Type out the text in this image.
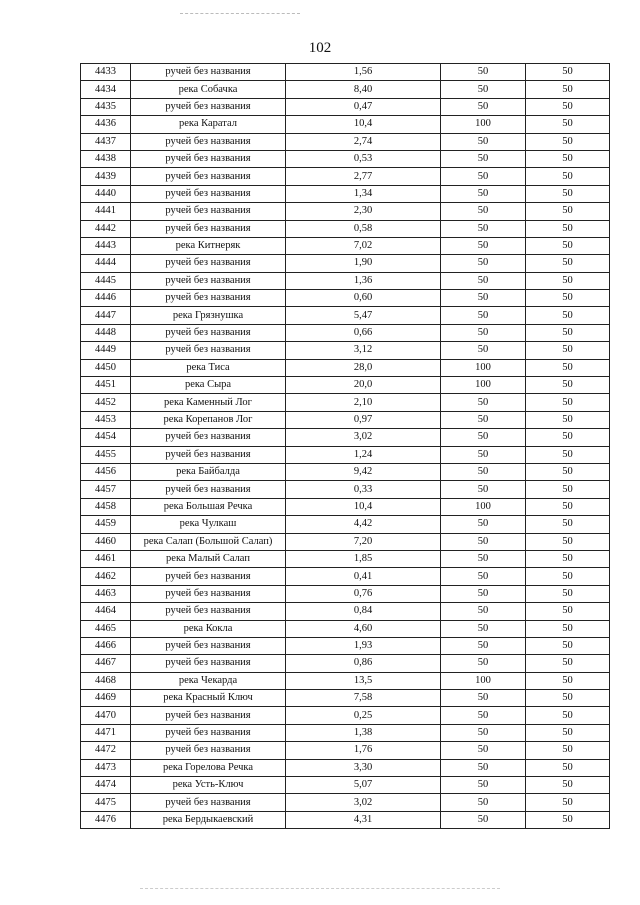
102
4433	ручей без названия	1,56	50	50
4434	река Собачка	8,40	50	50
4435	ручей без названия	0,47	50	50
4436	река Каратал	10,4	100	50
4437	ручей без названия	2,74	50	50
4438	ручей без названия	0,53	50	50
4439	ручей без названия	2,77	50	50
4440	ручей без названия	1,34	50	50
4441	ручей без названия	2,30	50	50
4442	ручей без названия	0,58	50	50
4443	река Китнеряк	7,02	50	50
4444	ручей без названия	1,90	50	50
4445	ручей без названия	1,36	50	50
4446	ручей без названия	0,60	50	50
4447	река Грязнушка	5,47	50	50
4448	ручей без названия	0,66	50	50
4449	ручей без названия	3,12	50	50
4450	река Тиса	28,0	100	50
4451	река Сыра	20,0	100	50
4452	река Каменный Лог	2,10	50	50
4453	река Корепанов Лог	0,97	50	50
4454	ручей без названия	3,02	50	50
4455	ручей без названия	1,24	50	50
4456	река Байбалда	9,42	50	50
4457	ручей без названия	0,33	50	50
4458	река Большая Речка	10,4	100	50
4459	река Чулкаш	4,42	50	50
4460	река Салап (Большой Салап)	7,20	50	50
4461	река Малый Салап	1,85	50	50
4462	ручей без названия	0,41	50	50
4463	ручей без названия	0,76	50	50
4464	ручей без названия	0,84	50	50
4465	река Кокла	4,60	50	50
4466	ручей без названия	1,93	50	50
4467	ручей без названия	0,86	50	50
4468	река Чекарда	13,5	100	50
4469	река Красный Ключ	7,58	50	50
4470	ручей без названия	0,25	50	50
4471	ручей без названия	1,38	50	50
4472	ручей без названия	1,76	50	50
4473	река Горелова Речка	3,30	50	50
4474	река Усть-Ключ	5,07	50	50
4475	ручей без названия	3,02	50	50
4476	река Бердыкаевский	4,31	50	50
